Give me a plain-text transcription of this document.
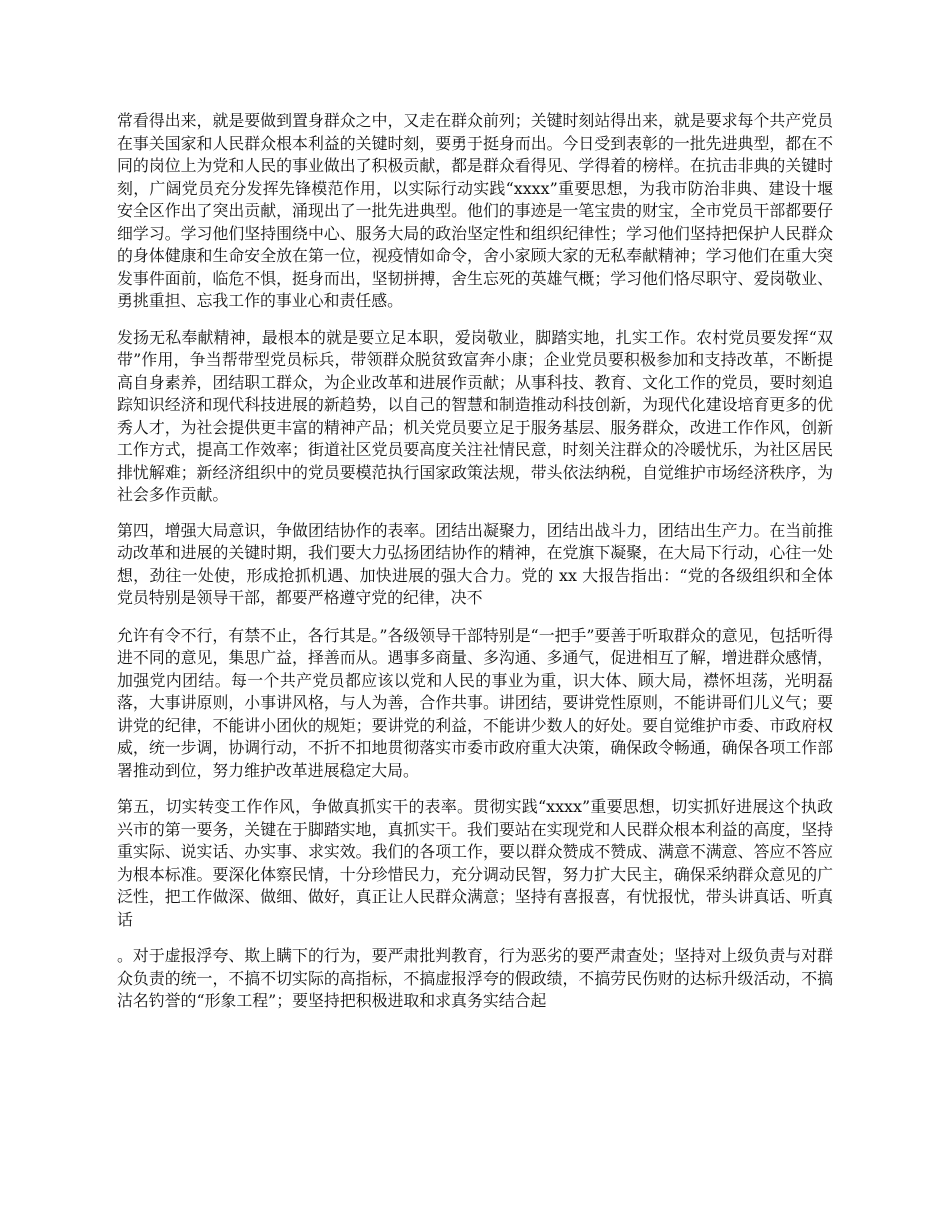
常看得出来，就是要做到置身群众之中，又走在群众前列；关键时刻站得出来，就是要求每个共产党员在事关国家和人民群众根本利益的关键时刻，要勇于挺身而出。今日受到表彰的一批先进典型，都在不同的岗位上为党和人民的事业做出了积极贡献，都是群众看得见、学得着的榜样。在抗击非典的关键时刻，广阔党员充分发挥先锋模范作用，以实际行动实践“xxxx”重要思想，为我市防治非典、建设十堰安全区作出了突出贡献，涌现出了一批先进典型。他们的事迹是一笔宝贵的财宝，全市党员干部都要仔细学习。学习他们坚持围绕中心、服务大局的政治坚定性和组织纪律性；学习他们坚持把保护人民群众的身体健康和生命安全放在第一位，视疫情如命令，舍小家顾大家的无私奉献精神；学习他们在重大突发事件面前，临危不惧，挺身而出，坚韧拼搏，舍生忘死的英雄气概；学习他们恪尽职守、爱岗敬业、勇挑重担、忘我工作的事业心和责任感。

发扬无私奉献精神，最根本的就是要立足本职，爱岗敬业，脚踏实地，扎实工作。农村党员要发挥“双带”作用，争当帮带型党员标兵，带领群众脱贫致富奔小康；企业党员要积极参加和支持改革，不断提高自身素养，团结职工群众，为企业改革和进展作贡献；从事科技、教育、文化工作的党员，要时刻追踪知识经济和现代科技进展的新趋势，以自己的智慧和制造推动科技创新，为现代化建设培育更多的优秀人才，为社会提供更丰富的精神产品；机关党员要立足于服务基层、服务群众，改进工作作风，创新工作方式，提高工作效率；街道社区党员要高度关注社情民意，时刻关注群众的冷暖忧乐，为社区居民排忧解难；新经济组织中的党员要模范执行国家政策法规，带头依法纳税，自觉维护市场经济秩序，为社会多作贡献。

第四，增强大局意识，争做团结协作的表率。团结出凝聚力，团结出战斗力，团结出生产力。在当前推动改革和进展的关键时期，我们要大力弘扬团结协作的精神，在党旗下凝聚，在大局下行动，心往一处想，劲往一处使，形成抢抓机遇、加快进展的强大合力。党的 xx 大报告指出：“党的各级组织和全体党员特别是领导干部，都要严格遵守党的纪律，决不

允许有令不行，有禁不止，各行其是。”各级领导干部特别是“一把手”要善于听取群众的意见，包括听得进不同的意见，集思广益，择善而从。遇事多商量、多沟通、多通气，促进相互了解，增进群众感情，加强党内团结。每一个共产党员都应该以党和人民的事业为重，识大体、顾大局，襟怀坦荡，光明磊落，大事讲原则，小事讲风格，与人为善，合作共事。讲团结，要讲党性原则，不能讲哥们儿义气；要讲党的纪律，不能讲小团伙的规矩；要讲党的利益，不能讲少数人的好处。要自觉维护市委、市政府权威，统一步调，协调行动，不折不扣地贯彻落实市委市政府重大决策，确保政令畅通，确保各项工作部署推动到位，努力维护改革进展稳定大局。

第五，切实转变工作作风，争做真抓实干的表率。贯彻实践“xxxx”重要思想，切实抓好进展这个执政兴市的第一要务，关键在于脚踏实地，真抓实干。我们要站在实现党和人民群众根本利益的高度，坚持重实际、说实话、办实事、求实效。我们的各项工作，要以群众赞成不赞成、满意不满意、答应不答应为根本标准。要深化体察民情，十分珍惜民力，充分调动民智，努力扩大民主，确保采纳群众意见的广泛性，把工作做深、做细、做好，真正让人民群众满意；坚持有喜报喜，有忧报忧，带头讲真话、听真话

。对于虚报浮夸、欺上瞒下的行为，要严肃批判教育，行为恶劣的要严肃查处；坚持对上级负责与对群众负责的统一，不搞不切实际的高指标，不搞虚报浮夸的假政绩，不搞劳民伤财的达标升级活动，不搞沽名钓誉的“形象工程”；要坚持把积极进取和求真务实结合起
